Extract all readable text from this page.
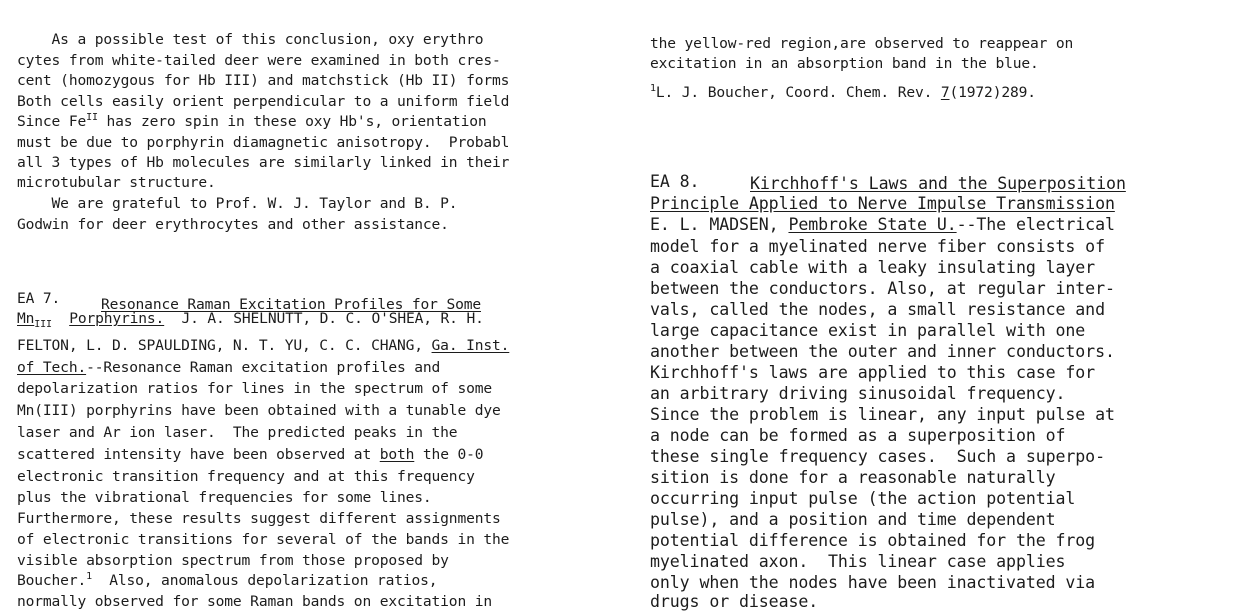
As a possible test of this conclusion, oxy erythro
cytes from white-tailed deer were examined in both cres-
cent (homozygous for Hb III) and matchstick (Hb II) forms
Both cells easily orient perpendicular to a uniform field
Since $Fe^{II}$ has zero spin in these oxy Hb's, orientation
must be due to porphyrin diamagnetic anisotropy.  Probabl
all 3 types of Hb molecules are similarly linked in their
microtubular structure.
We are grateful to Prof. W. J. Taylor and B. P.
Godwin for deer erythrocytes and other assistance.
EA 7.	Resonance Raman Excitation Profiles for Some
$Mn_{III}$ Porphyrins.  J. A. SHELNUTT, D. C. O'SHEA, R. H.
FELTON, L. D. SPAULDING, N. T. YU, C. C. CHANG, Ga. Inst.
of Tech.--Resonance Raman excitation profiles and
depolarization ratios for lines in the spectrum of some
Mn(III) porphyrins have been obtained with a tunable dye
laser and Ar ion laser.  The predicted peaks in the
scattered intensity have been observed at both the 0-0
electronic transition frequency and at this frequency
plus the vibrational frequencies for some lines.
Furthermore, these results suggest different assignments
of electronic transitions for several of the bands in the
visible absorption spectrum from those proposed by
Boucher.$^1$  Also, anomalous depolarization ratios,
normally observed for some Raman bands on excitation in
the yellow-red region,are observed to reappear on
excitation in an absorption band in the blue.
$^1$L. J. Boucher, Coord. Chem. Rev. 7(1972)289.
EA 8.	Kirchhoff's Laws and the Superposition
Principle Applied to Nerve Impulse Transmission
E. L. MADSEN, Pembroke State U.--The electrical
model for a myelinated nerve fiber consists of
a coaxial cable with a leaky insulating layer
between the conductors. Also, at regular inter-
vals, called the nodes, a small resistance and
large capacitance exist in parallel with one
another between the outer and inner conductors.
Kirchhoff's laws are applied to this case for
an arbitrary driving sinusoidal frequency.
Since the problem is linear, any input pulse at
a node can be formed as a superposition of
these single frequency cases.  Such a superpo-
sition is done for a reasonable naturally
occurring input pulse (the action potential
pulse), and a position and time dependent
potential difference is obtained for the frog
myelinated axon.  This linear case applies
only when the nodes have been inactivated via
drugs or disease.
